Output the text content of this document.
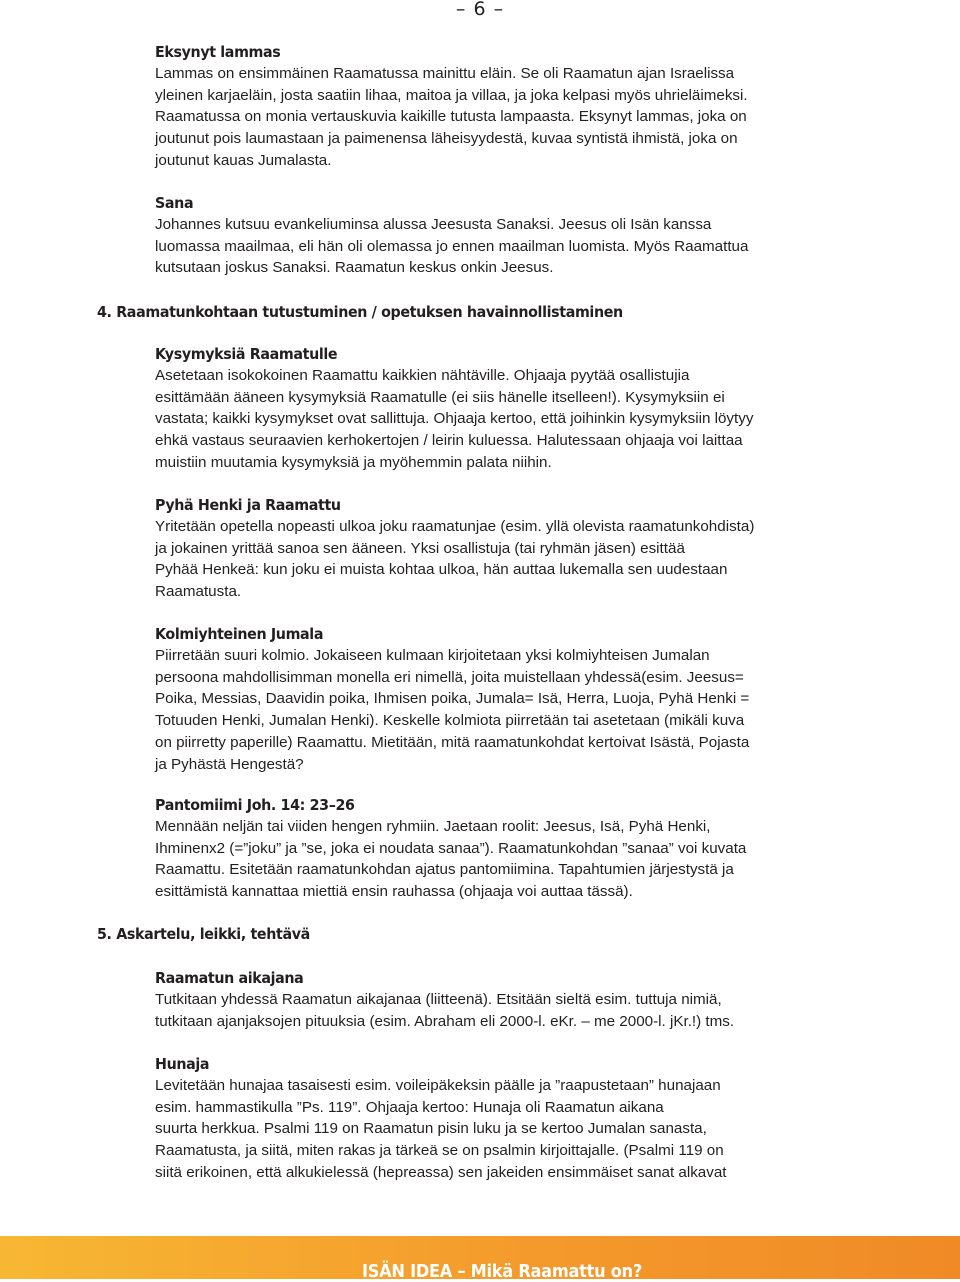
– 6 –
Eksynyt lammas
Lammas on ensimmäinen Raamatussa mainittu eläin. Se oli Raamatun ajan Israelissa
yleinen karjaeläin, josta saatiin lihaa, maitoa ja villaa, ja joka kelpasi myös uhrieläimeksi.
Raamatussa on monia vertauskuvia kaikille tutusta lampaasta. Eksynyt lammas, joka on
joutunut pois laumastaan ja paimenensa läheisyydestä, kuvaa syntistä ihmistä, joka on
joutunut kauas Jumalasta.
Sana
Johannes kutsuu evankeliuminsa alussa Jeesusta Sanaksi. Jeesus oli Isän kanssa
luomassa maailmaa, eli hän oli olemassa jo ennen maailman luomista. Myös Raamattua
kutsutaan joskus Sanaksi. Raamatun keskus onkin Jeesus.
4. Raamatunkohtaan tutustuminen / opetuksen havainnollistaminen
Kysymyksiä Raamatulle
Asetetaan isokokoinen Raamattu kaikkien nähtäville. Ohjaaja pyytää osallistujia
esittämään ääneen kysymyksiä Raamatulle (ei siis hänelle itselleen!). Kysymyksiin ei
vastata; kaikki kysymykset ovat sallittuja. Ohjaaja kertoo, että joihinkin kysymyksiin löytyy
ehkä vastaus seuraavien kerhokertojen / leirin kuluessa. Halutessaan ohjaaja voi laittaa
muistiin muutamia kysymyksiä ja myöhemmin palata niihin.
Pyhä Henki ja Raamattu
Yritetään opetella nopeasti ulkoa joku raamatunjae (esim. yllä olevista raamatunkohdista)
ja jokainen yrittää sanoa sen ääneen. Yksi osallistuja (tai ryhmän jäsen) esittää
Pyhää Henkeä: kun joku ei muista kohtaa ulkoa, hän auttaa lukemalla sen uudestaan
Raamatusta.
Kolmiyhteinen Jumala
Piirretään suuri kolmio. Jokaiseen kulmaan kirjoitetaan yksi kolmiyhteisen Jumalan
persoona mahdollisimman monella eri nimellä, joita muistellaan yhdessä(esim. Jeesus=
Poika, Messias, Daavidin poika, Ihmisen poika, Jumala= Isä, Herra, Luoja, Pyhä Henki =
Totuuden Henki, Jumalan Henki). Keskelle kolmiota piirretään tai asetetaan (mikäli kuva
on piirretty paperille) Raamattu. Mietitään, mitä raamatunkohdat kertoivat Isästä, Pojasta
ja Pyhästä Hengestä?
Pantomiimi Joh. 14: 23–26
Mennään neljän tai viiden hengen ryhmiin. Jaetaan roolit: Jeesus, Isä, Pyhä Henki,
Ihminenx2 (=”joku” ja ”se, joka ei noudata sanaa”). Raamatunkohdan ”sanaa” voi kuvata
Raamattu. Esitetään raamatunkohdan ajatus pantomiimina. Tapahtumien järjestystä ja
esittämistä kannattaa miettiä ensin rauhassa (ohjaaja voi auttaa tässä).
5. Askartelu, leikki, tehtävä
Raamatun aikajana
Tutkitaan yhdessä Raamatun aikajanaa (liitteenä). Etsitään sieltä esim. tuttuja nimiä,
tutkitaan ajanjaksojen pituuksia (esim. Abraham eli 2000-l. eKr. – me 2000-l. jKr.!) tms.
Hunaja
Levitetään hunajaa tasaisesti esim. voileipäkeksin päälle ja ”raapustetaan” hunajaan
esim. hammastikulla ”Ps. 119”. Ohjaaja kertoo: Hunaja oli Raamatun aikana
suurta herkkua. Psalmi 119 on Raamatun pisin luku ja se kertoo Jumalan sanasta,
Raamatusta, ja siitä, miten rakas ja tärkeä se on psalmin kirjoittajalle. (Psalmi 119 on
siitä erikoinen, että alkukielessä (hepreassa) sen jakeiden ensimmäiset sanat alkavat
ISÄN IDEA – Mikä Raamattu on?
